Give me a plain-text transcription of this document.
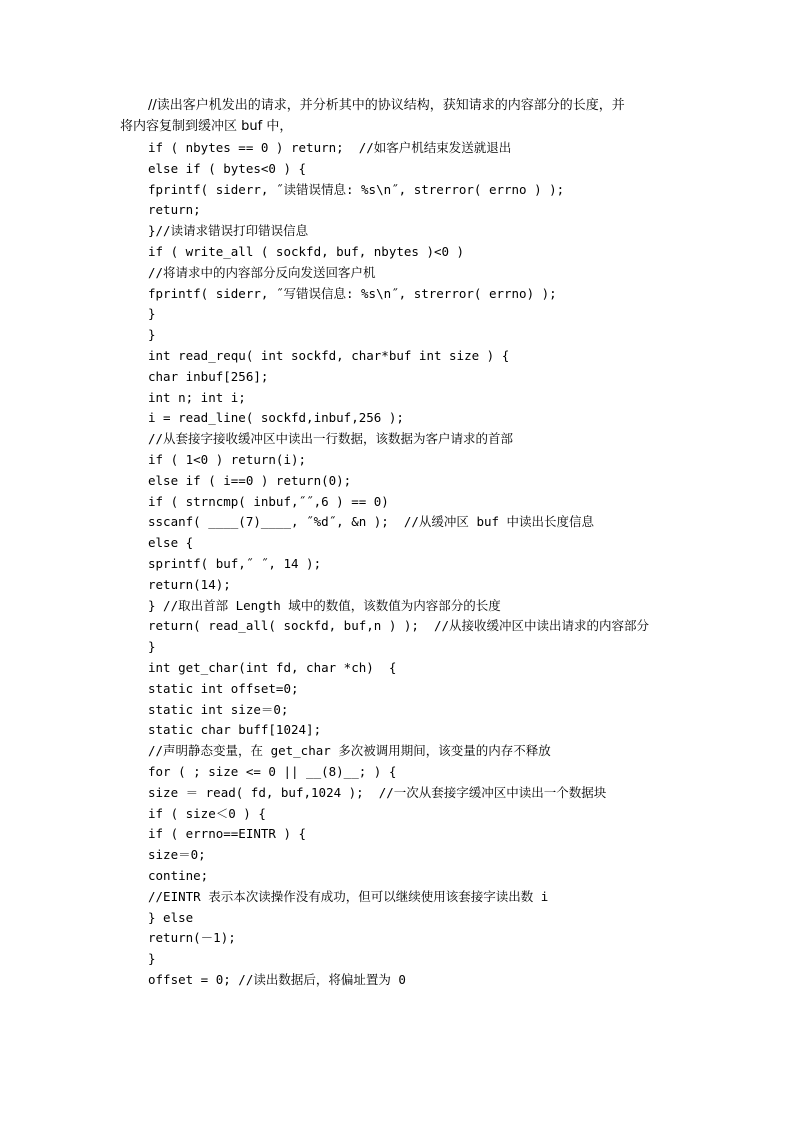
//读出客户机发出的请求，并分析其中的协议结构，获知请求的内容部分的长度，并
将内容复制到缓冲区 buf 中，
if ( nbytes == 0 ) return;  //如客户机结束发送就退出
else if ( bytes<0 ) {
fprintf( siderr, ˝读错误情息: %s\n˝, strerror( errno ) );
return;
}//读请求错误打印错误信息
if ( write_all ( sockfd, buf, nbytes )<0 )
//将请求中的内容部分反向发送回客户机
fprintf( siderr, ˝写错误信息: %s\n˝, strerror( errno) );
}
}
int read_requ( int sockfd, char*buf int size ) {
char inbuf[256];
int n; int i;
i = read_line( sockfd,inbuf,256 );
//从套接字接收缓冲区中读出一行数据，该数据为客户请求的首部
if ( 1<0 ) return(i);
else if ( i==0 ) return(0);
if ( strncmp( inbuf,˝˝,6 ) == 0)
sscanf( ____(7)____, ˝%d˝, &n );  //从缓冲区 buf 中读出长度信息
else {
sprintf( buf,˝ ˝, 14 );
return(14);
} //取出首部 Length 域中的数值，该数值为内容部分的长度
return( read_all( sockfd, buf,n ) );  //从接收缓冲区中读出请求的内容部分
}
int get_char(int fd, char *ch)  {
static int offset=0;
static int size＝0;
static char buff[1024];
//声明静态变量，在 get_char 多次被调用期间，该变量的内存不释放
for ( ; size <= 0 || __(8)__; ) {
size ＝ read( fd, buf,1024 );  //一次从套接字缓冲区中读出一个数据块
if ( size＜0 ) {
if ( errno==EINTR ) {
size＝0;
contine;
//EINTR 表示本次读操作没有成功，但可以继续使用该套接字读出数 i
} else
return(－1);
}
offset = 0; //读出数据后，将偏址置为 0
